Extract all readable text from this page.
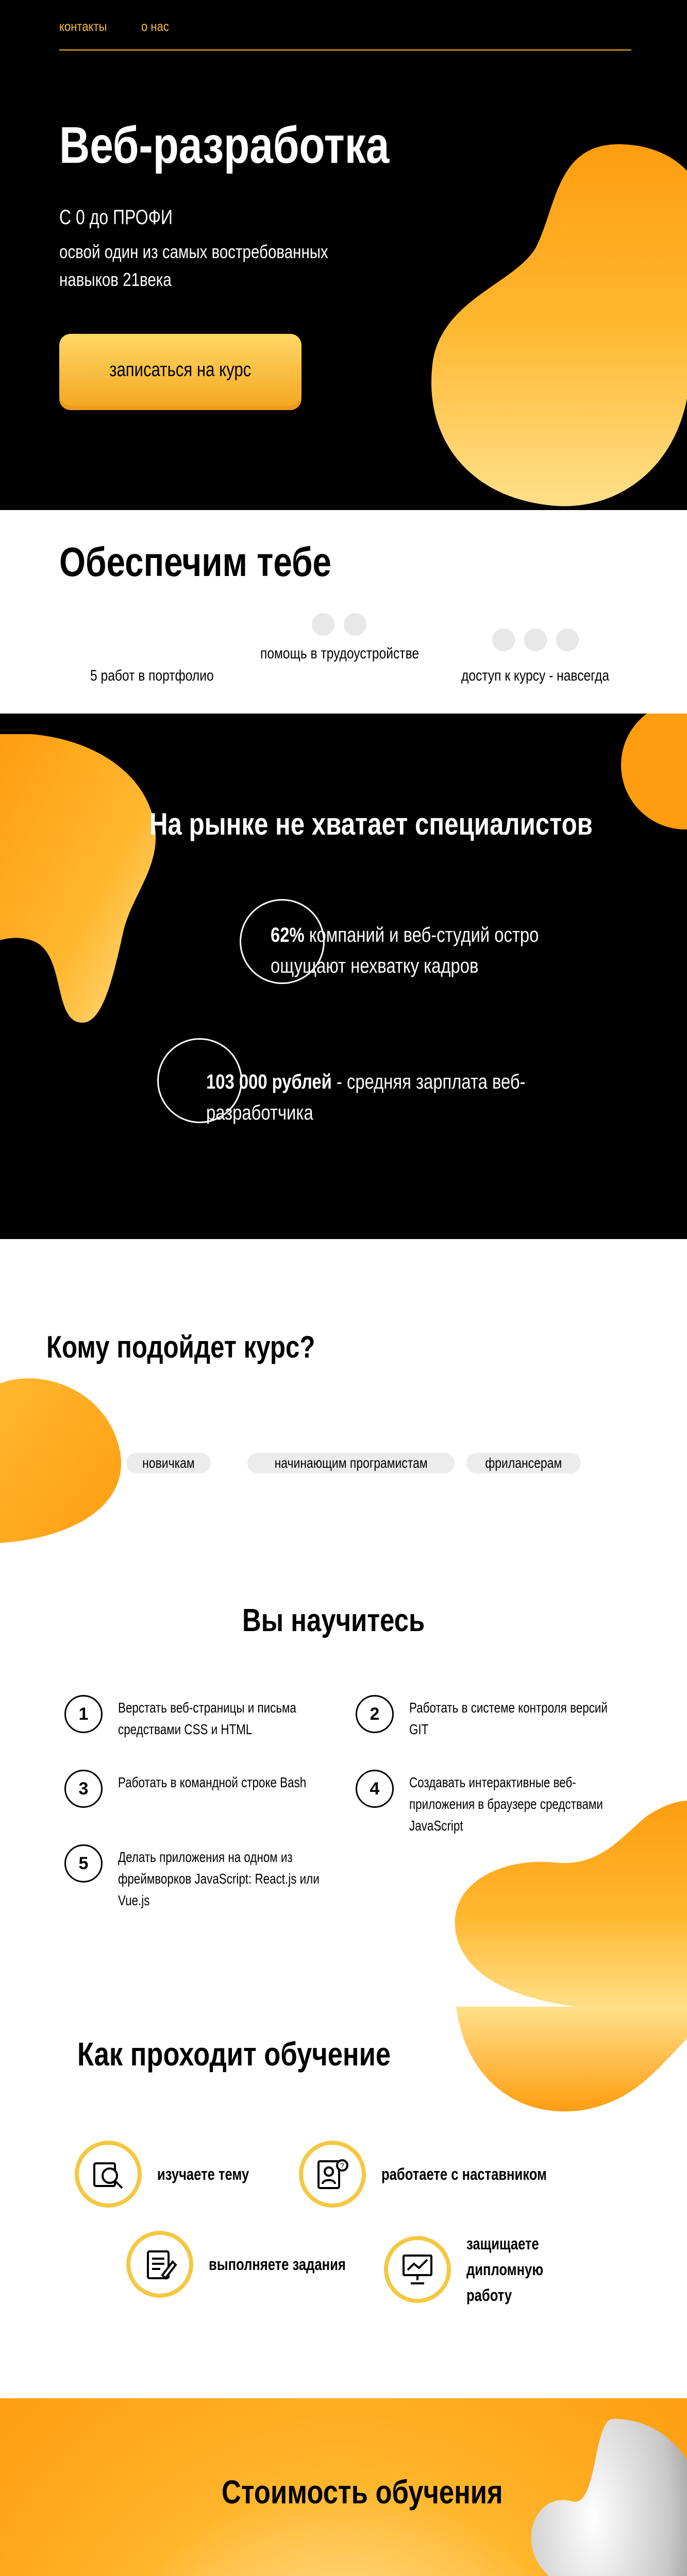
контакты	о нас
Веб-разработка
С 0 до ПРОФИ
освой один из самых востребованных навыков 21века
записаться на курс
Обеспечим тебе
5 работ в портфолио
помощь в трудоустройстве
доступ к курсу - навсегда
На рынке не хватает специалистов
62% компаний и веб-студий остро ощущают нехватку кадров
103 000 рублей - средняя зарплата веб-разработчика
Кому подойдет курс?
новичкам	начинающим програмистам	фрилансерам
Вы научитесь
1	Верстать веб-страницы и письма средствами CSS и HTML
2	Работать в системе контроля версий GIT
3	Работать в командной строке Bash	4	Создавать интерактивные веб-приложения в браузере средствами JavaScript
5	Делать приложения на одном из фреймворков JavaScript: React.js или Vue.js
Как проходит обучение
изучаете тему	? работаете с наставником
выполняете задания
защищаете дипломную работу
Стоимость обучения
